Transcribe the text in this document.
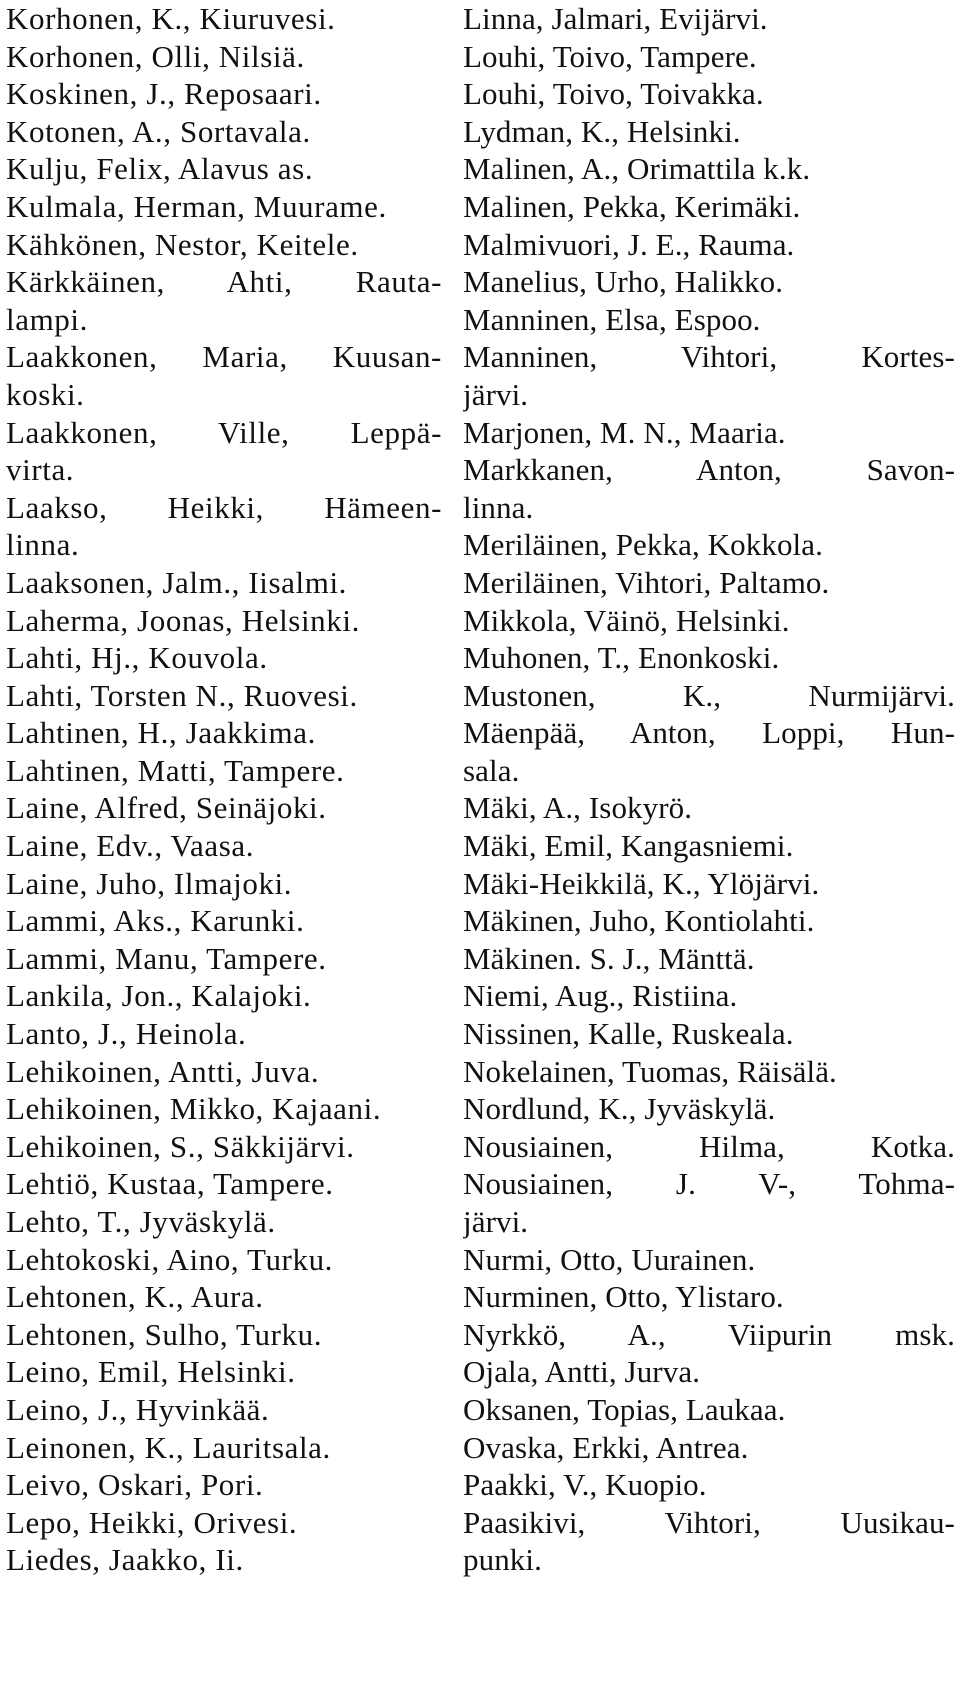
Korhonen, K., Kiuruvesi.
Korhonen, Olli, Nilsiä.
Koskinen, J., Reposaari.
Kotonen, A., Sortavala.
Kulju, Felix, Alavus as.
Kulmala, Herman, Muurame.
Kähkönen, Nestor, Keitele.
Kärkkäinen, Ahti, Rauta-
lampi.
Laakkonen, Maria, Kuusan-
koski.
Laakkonen, Ville, Leppä-
virta.
Laakso, Heikki, Hämeen-
linna.
Laaksonen, Jalm., Iisalmi.
Laherma, Joonas, Helsinki.
Lahti, Hj., Kouvola.
Lahti, Torsten N., Ruovesi.
Lahtinen, H., Jaakkima.
Lahtinen, Matti, Tampere.
Laine, Alfred, Seinäjoki.
Laine, Edv., Vaasa.
Laine, Juho, Ilmajoki.
Lammi, Aks., Karunki.
Lammi, Manu, Tampere.
Lankila, Jon., Kalajoki.
Lanto, J., Heinola.
Lehikoinen, Antti, Juva.
Lehikoinen, Mikko, Kajaani.
Lehikoinen, S., Säkkijärvi.
Lehtiö, Kustaa, Tampere.
Lehto, T., Jyväskylä.
Lehtokoski, Aino, Turku.
Lehtonen, K., Aura.
Lehtonen, Sulho, Turku.
Leino, Emil, Helsinki.
Leino, J., Hyvinkää.
Leinonen, K., Lauritsala.
Leivo, Oskari, Pori.
Lepo, Heikki, Orivesi.
Liedes, Jaakko, Ii.
Linna, Jalmari, Evijärvi.
Louhi, Toivo, Tampere.
Louhi, Toivo, Toivakka.
Lydman, K., Helsinki.
Malinen, A., Orimattila k.k.
Malinen, Pekka, Kerimäki.
Malmivuori, J. E., Rauma.
Manelius, Urho, Halikko.
Manninen, Elsa, Espoo.
Manninen, Vihtori, Kortes-
järvi.
Marjonen, M. N., Maaria.
Markkanen, Anton, Savon-
linna.
Meriläinen, Pekka, Kokkola.
Meriläinen, Vihtori, Paltamo.
Mikkola, Väinö, Helsinki.
Muhonen, T., Enonkoski.
Mustonen, K., Nurmijärvi.
Mäenpää, Anton, Loppi, Hun-
sala.
Mäki, A., Isokyrö.
Mäki, Emil, Kangasniemi.
Mäki-Heikkilä, K., Ylöjärvi.
Mäkinen, Juho, Kontiolahti.
Mäkinen. S. J., Mänttä.
Niemi, Aug., Ristiina.
Nissinen, Kalle, Ruskeala.
Nokelainen, Tuomas, Räisälä.
Nordlund, K., Jyväskylä.
Nousiainen, Hilma, Kotka.
Nousiainen, J. V-, Tohma-
järvi.
Nurmi, Otto, Uurainen.
Nurminen, Otto, Ylistaro.
Nyrkkö, A., Viipurin msk.
Ojala, Antti, Jurva.
Oksanen, Topias, Laukaa.
Ovaska, Erkki, Antrea.
Paakki, V., Kuopio.
Paasikivi, Vihtori, Uusikau-
punki.
